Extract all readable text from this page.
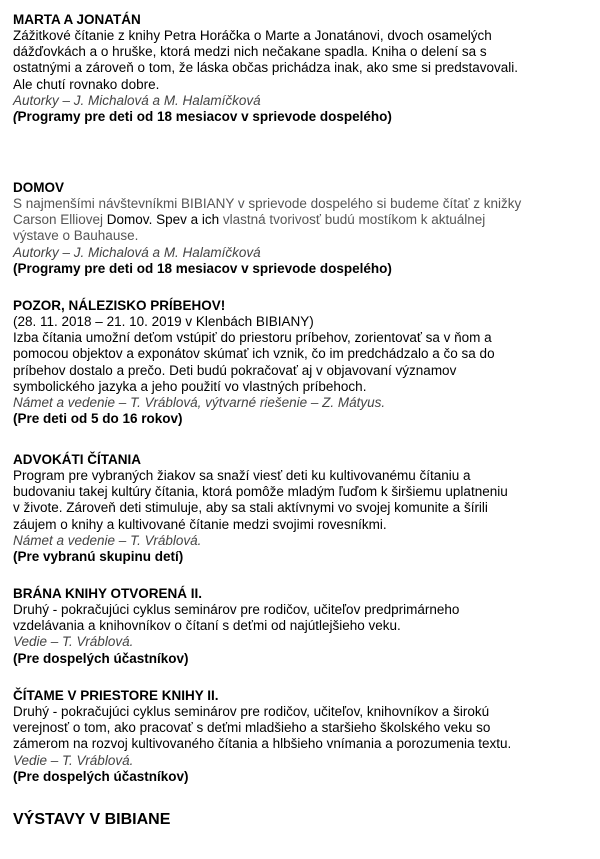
MARTA A JONATÁN

Zážitkové čítanie z knihy Petra Horáčka o Marte a Jonatánovi, dvoch osamelých

dážďovkách a o hruške, ktorá medzi nich nečakane spadla. Kniha o delení sa s

ostatnými a zároveň o tom, že láska občas prichádza inak, ako sme si predstavovali.

Ale chutí rovnako dobre.

Autorky – J. Michalová a M. Halamíčková

(Programy pre deti od 18 mesiacov v sprievode dospelého)

DOMOV

S najmenšími návštevníkmi BIBIANY v sprievode dospelého si budeme čítať z knižky

Carson Elliovej Domov. Spev a ich vlastná tvorivosť budú mostíkom k aktuálnej

výstave o Bauhause.

Autorky – J. Michalová a M. Halamíčková

(Programy pre deti od 18 mesiacov v sprievode dospelého)

POZOR, NÁLEZISKO PRÍBEHOV!

(28. 11. 2018 – 21. 10. 2019 v Klenbách BIBIANY)

Izba čítania umožní deťom vstúpiť do priestoru príbehov, zorientovať sa v ňom a

pomocou objektov a exponátov skúmať ich vznik, čo im predchádzalo a čo sa do

príbehov dostalo a prečo. Deti budú pokračovať aj v objavovaní významov

symbolického jazyka a jeho použití vo vlastných príbehoch.

Námet a vedenie – T. Vráblová, výtvarné riešenie – Z. Mátyus.

(Pre deti od 5 do 16 rokov)

ADVOKÁTI ČÍTANIA

Program pre vybraných žiakov sa snaží viesť deti ku kultivovanému čítaniu a

budovaniu takej kultúry čítania, ktorá pomôže mladým ľuďom k širšiemu uplatneniu

v živote. Zároveň deti stimuluje, aby sa stali aktívnymi vo svojej komunite a šírili

záujem o knihy a kultivované čítanie medzi svojimi rovesníkmi.

Námet a vedenie – T. Vráblová.

(Pre vybranú skupinu detí)

BRÁNA KNIHY OTVORENÁ II.

Druhý - pokračujúci cyklus seminárov pre rodičov, učiteľov predprimárneho

vzdelávania a knihovníkov o čítaní s deťmi od najútlejšieho veku.

Vedie – T. Vráblová.

(Pre dospelých účastníkov)

ČÍTAME V PRIESTORE KNIHY II.

Druhý - pokračujúci cyklus seminárov pre rodičov, učiteľov, knihovníkov a širokú

verejnosť o tom, ako pracovať s deťmi mladšieho a staršieho školského veku so

zámerom na rozvoj kultivovaného čítania a hlbšieho vnímania a porozumenia textu.

Vedie – T. Vráblová.

(Pre dospelých účastníkov)

VÝSTAVY V BIBIANE
